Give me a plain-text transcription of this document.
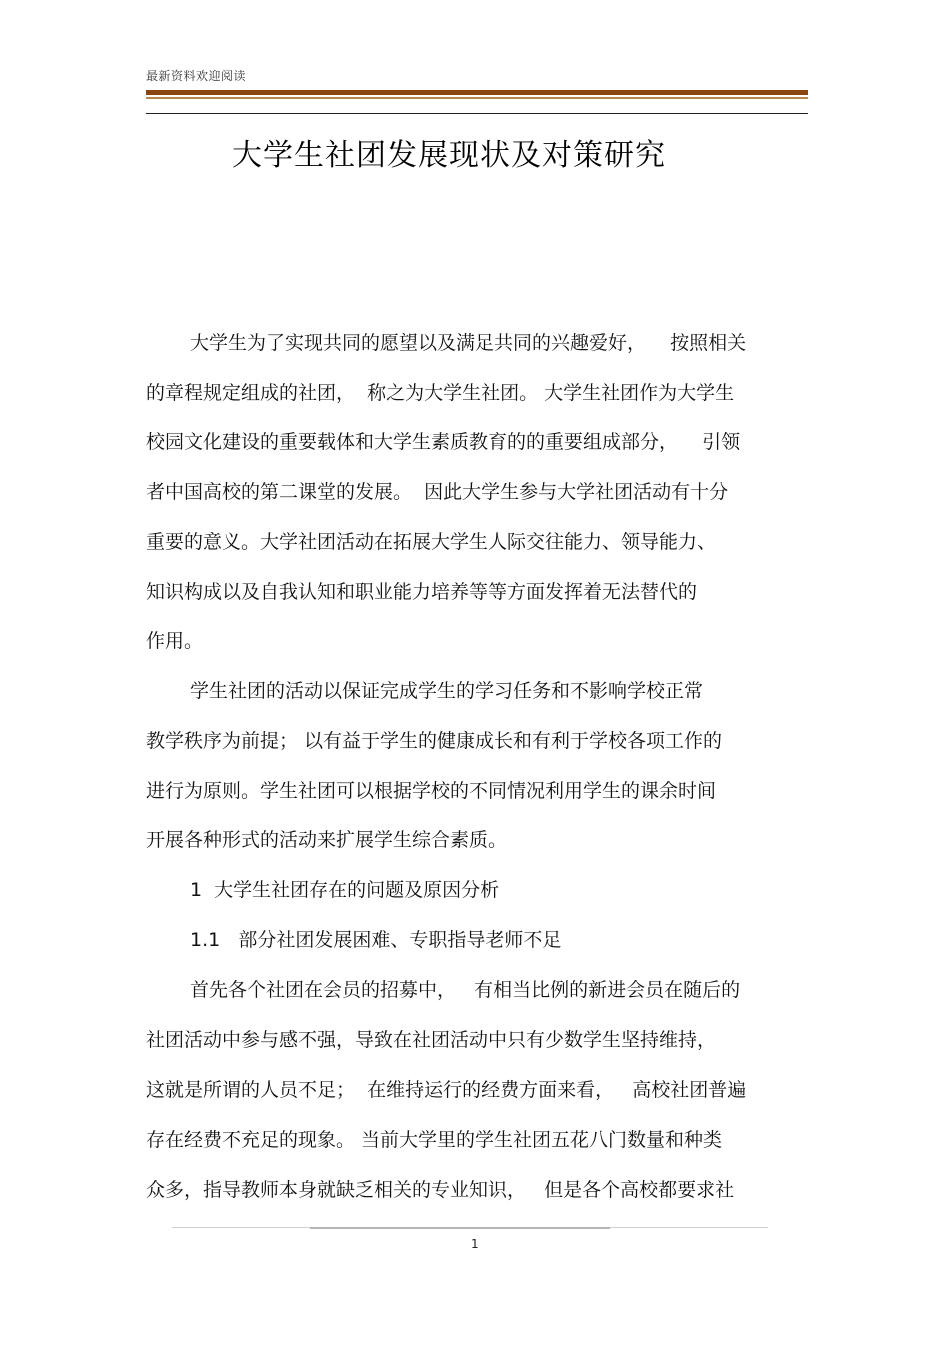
最新资料欢迎阅读
大学生社团发展现状及对策研究
大学生为了实现共同的愿望以及满足共同的兴趣爱好，    按照相关
的章程规定组成的社团，  称之为大学生社团。 大学生社团作为大学生
校园文化建设的重要载体和大学生素质教育的的重要组成部分，    引领
者中国高校的第二课堂的发展。  因此大学生参与大学社团活动有十分
重要的意义。大学社团活动在拓展大学生人际交往能力、领导能力、
知识构成以及自我认知和职业能力培养等等方面发挥着无法替代的
作用。
学生社团的活动以保证完成学生的学习任务和不影响学校正常
教学秩序为前提； 以有益于学生的健康成长和有利于学校各项工作的
进行为原则。学生社团可以根据学校的不同情况利用学生的课余时间
开展各种形式的活动来扩展学生综合素质。
1  大学生社团存在的问题及原因分析
1.1   部分社团发展困难、专职指导老师不足
首先各个社团在会员的招募中，   有相当比例的新进会员在随后的
社团活动中参与感不强，导致在社团活动中只有少数学生坚持维持，
这就是所谓的人员不足；  在维持运行的经费方面来看，   高校社团普遍
存在经费不充足的现象。 当前大学里的学生社团五花八门数量和种类
众多，指导教师本身就缺乏相关的专业知识，   但是各个高校都要求社
1
